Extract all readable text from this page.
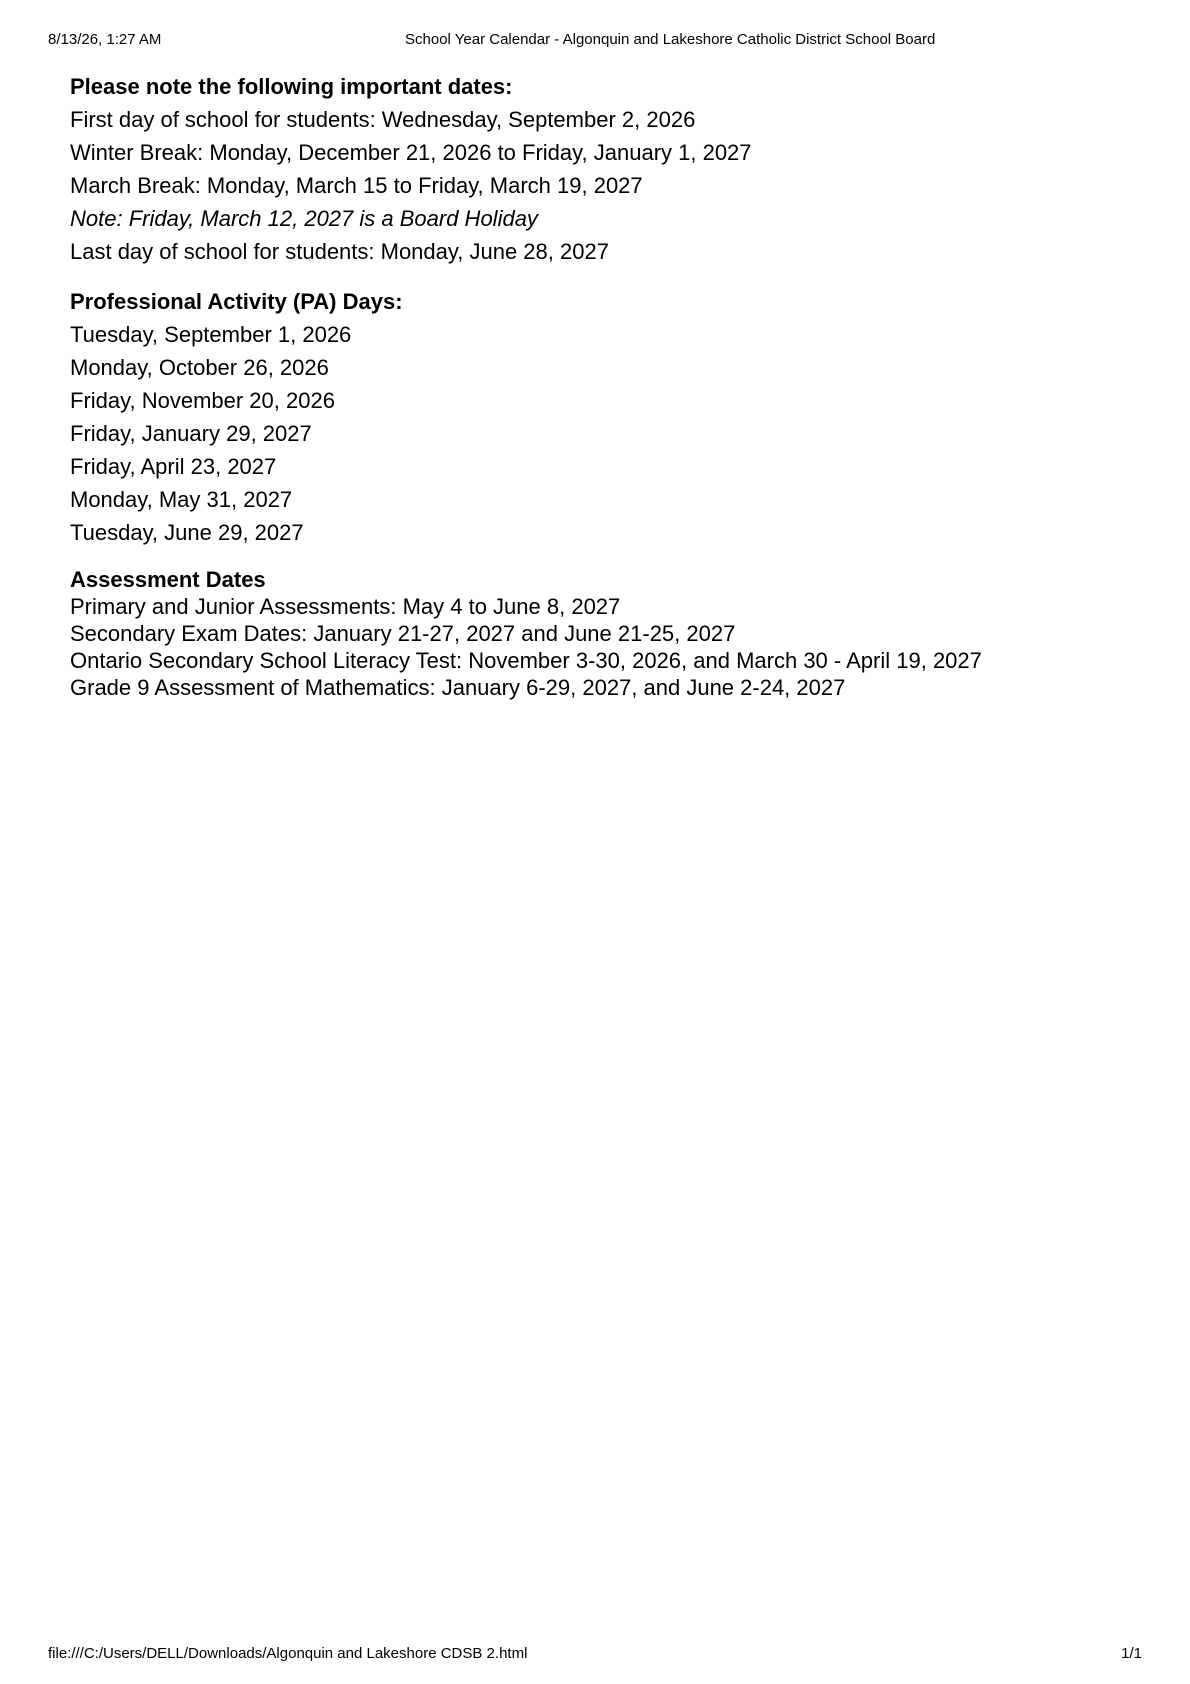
8/13/26, 1:27 AM	School Year Calendar - Algonquin and Lakeshore Catholic District School Board

Please note the following important dates:

First day of school for students: Wednesday, September 2, 2026

Winter Break: Monday, December 21, 2026 to Friday, January 1, 2027

March Break: Monday, March 15 to Friday, March 19, 2027

Note: Friday, March 12, 2027 is a Board Holiday

Last day of school for students: Monday, June 28, 2027

Professional Activity (PA) Days:

Tuesday, September 1, 2026

Monday, October 26, 2026

Friday, November 20, 2026

Friday, January 29, 2027

Friday, April 23, 2027

Monday, May 31, 2027

Tuesday, June 29, 2027

Assessment Dates

Primary and Junior Assessments: May 4 to June 8, 2027

Secondary Exam Dates: January 21-27, 2027 and June 21-25, 2027

Ontario Secondary School Literacy Test: November 3-30, 2026, and March 30 - April 19, 2027

Grade 9 Assessment of Mathematics: January 6-29, 2027, and June 2-24, 2027

file:///C:/Users/DELL/Downloads/Algonquin and Lakeshore CDSB 2.html	1/1
